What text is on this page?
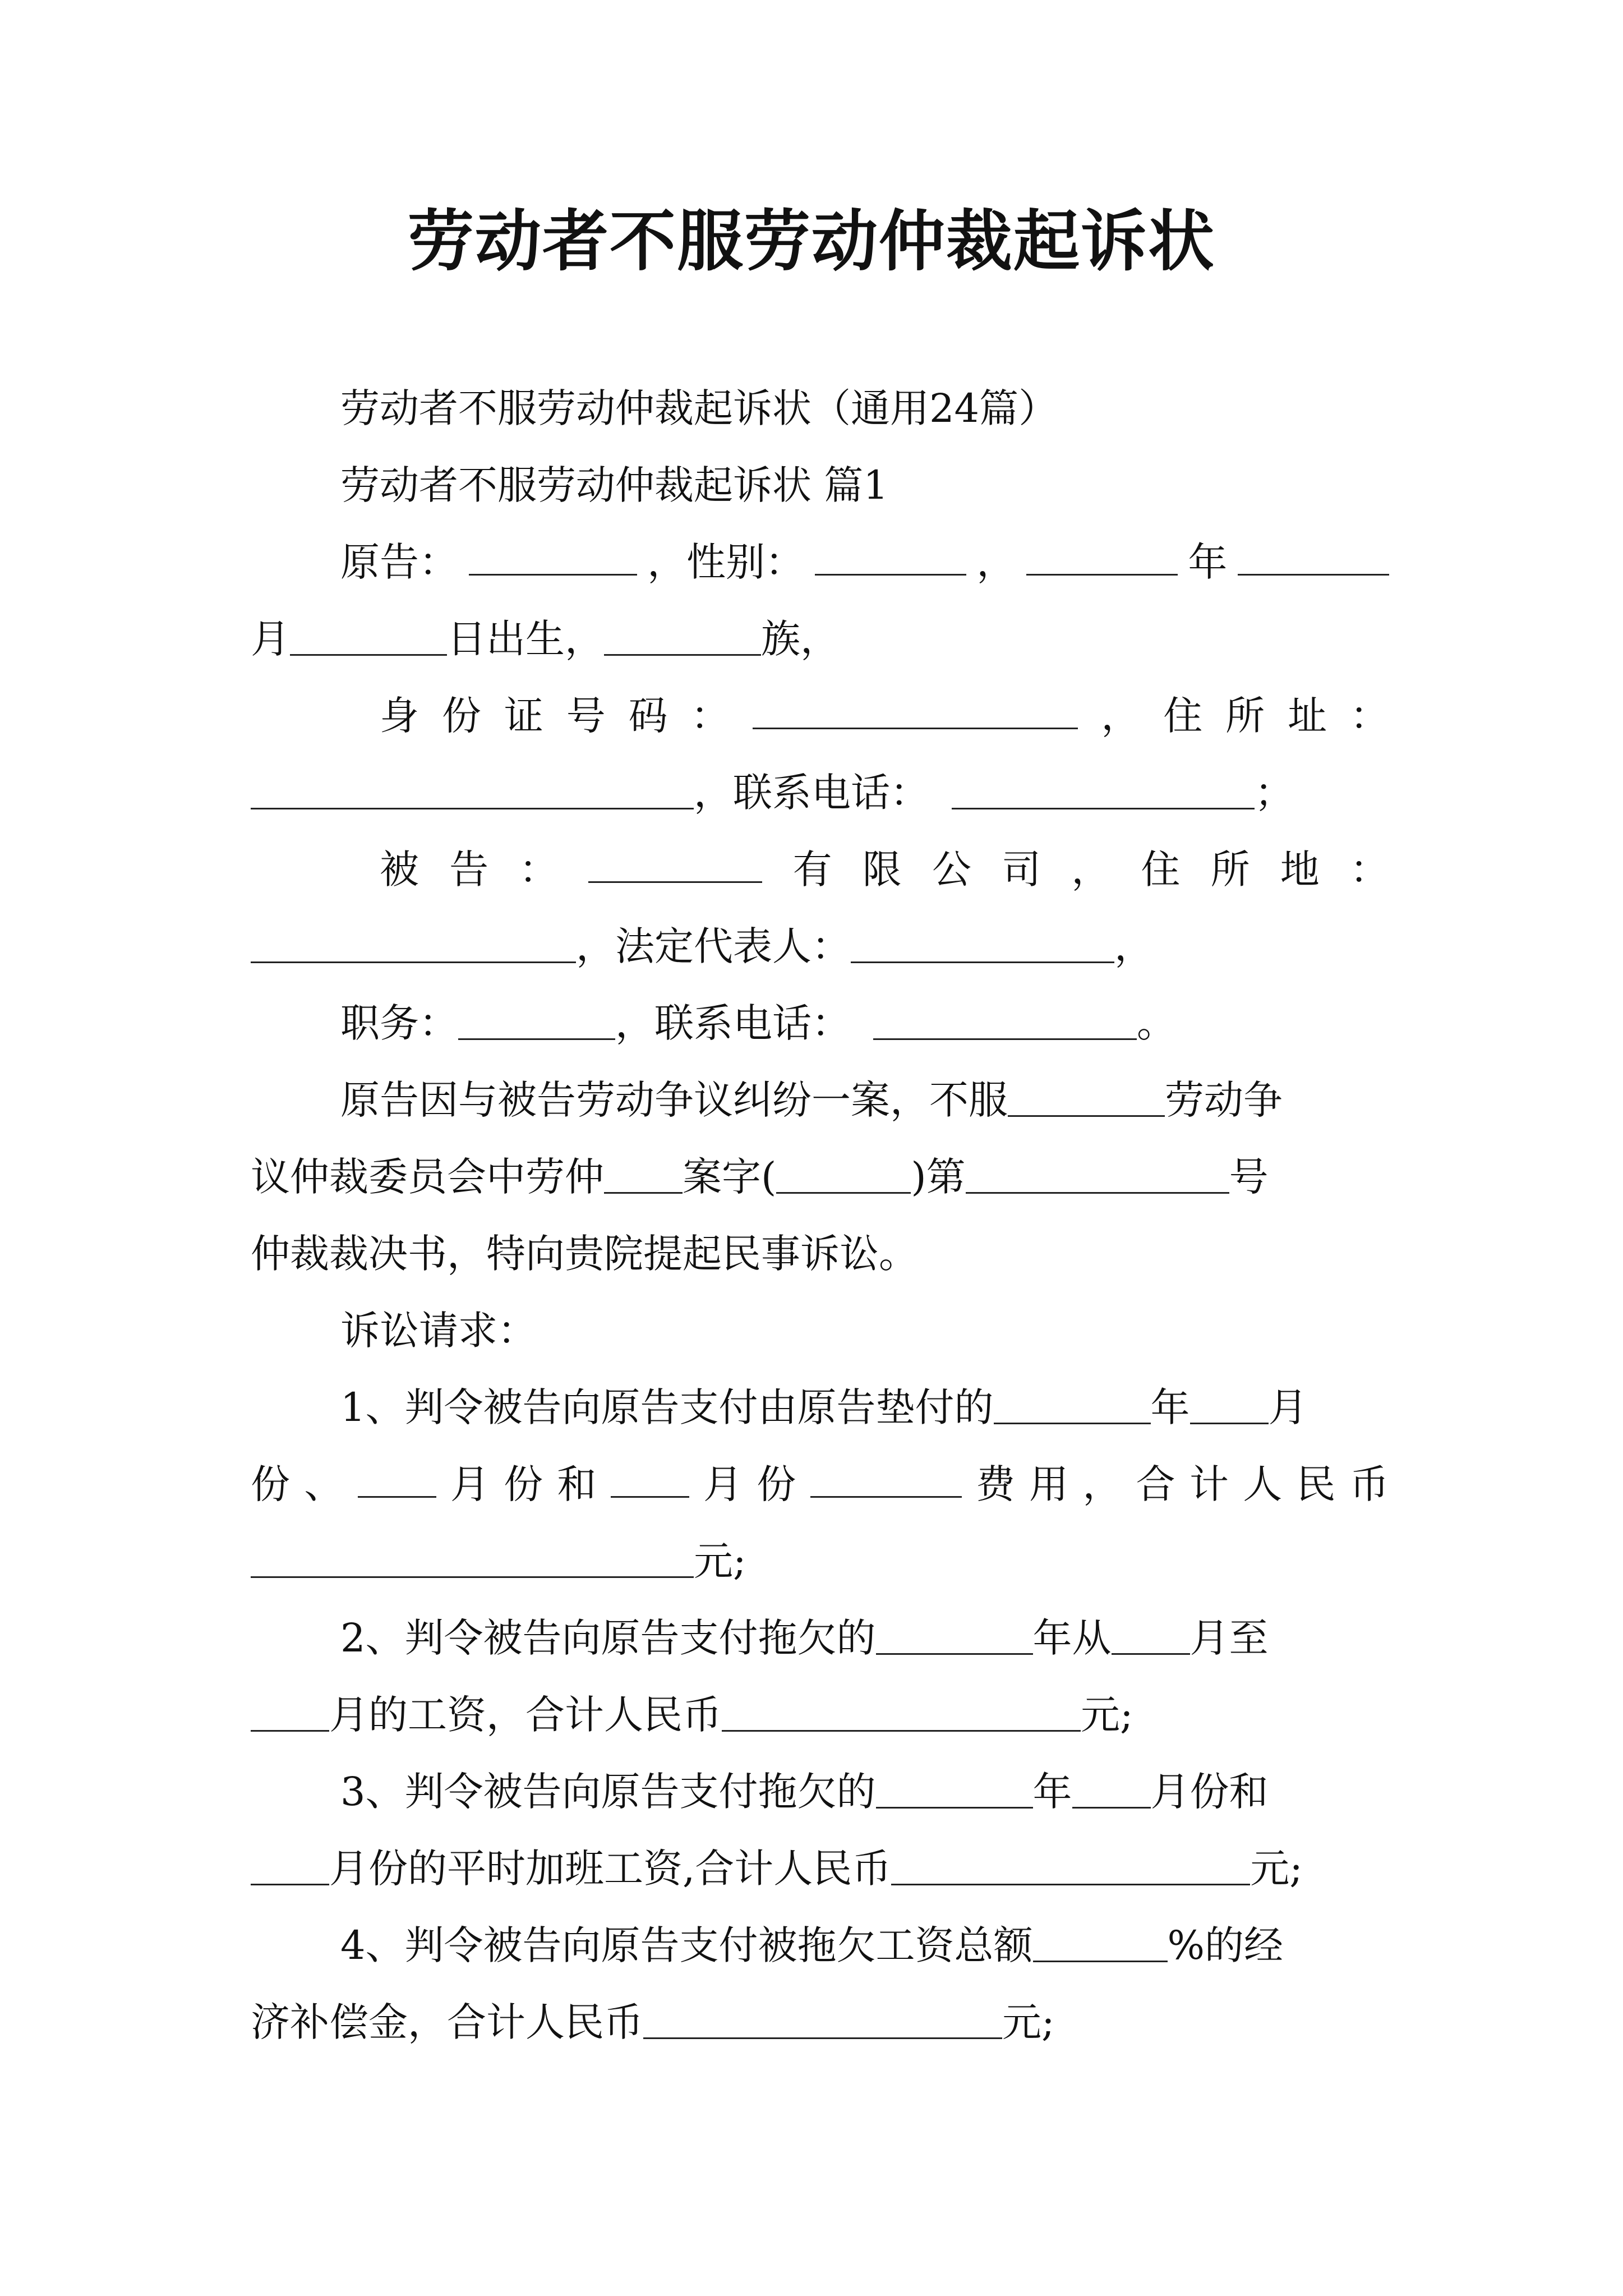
劳动者不服劳动仲裁起诉状
劳动者不服劳动仲裁起诉状（通用24篇）
劳动者不服劳动仲裁起诉状 篇1
原告：	，性别：	，	年
月	日出生，	族，
身 份 证 号 码 ：	， 住 所 址 ：
，联系电话：	；
被 告 ：	有 限 公 司 ， 住 所 地 ：
，法定代表人：	，
职务：	，联系电话：	。
原告因与被告劳动争议纠纷一案，不服	劳动争
议仲裁委员会中劳仲 案字(	)第	号
仲裁裁决书，特向贵院提起民事诉讼。
诉讼请求：
1、判令被告向原告支付由原告垫付的	年 月
份 、	月 份 和	月 份	费 用 ， 合 计 人 民 币
元;
2、判令被告向原告支付拖欠的	年从 月至
月的工资，合计人民币	元;
3、判令被告向原告支付拖欠的	年 月份和
月份的平时加班工资,合计人民币	元;
4、判令被告向原告支付被拖欠工资总额	%的经
济补偿金，合计人民币	元;
